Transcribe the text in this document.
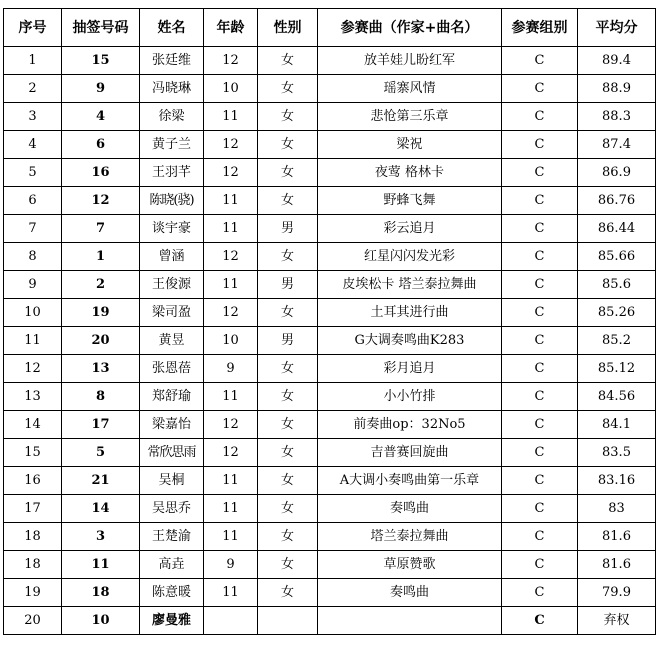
序号	抽签号码	姓名	年龄	性别	参赛曲（作家+曲名）	参赛组别	平均分
1	15	张廷维	12	女	放羊娃儿盼红军	C	89.4
2	9	冯晓琳	10	女	瑶寨风情	C	88.9
3	4	徐梁	11	女	悲怆第三乐章	C	88.3
4	6	黄子兰	12	女	梁祝	C	87.4
5	16	王羽芊	12	女	夜莺 格林卡	C	86.9
6	12	陈晓(骁)	11	女	野蜂飞舞	C	86.76
7	7	谈宇豪	11	男	彩云追月	C	86.44
8	1	曾涵	12	女	红星闪闪发光彩	C	85.66
9	2	王俊源	11	男	皮埃松卡 塔兰泰拉舞曲	C	85.6
10	19	梁司盈	12	女	土耳其进行曲	C	85.26
11	20	黄昱	10	男	G大调奏鸣曲K283	C	85.2
12	13	张恩蓓	9	女	彩月追月	C	85.12
13	8	郑舒瑜	11	女	小小竹排	C	84.56
14	17	梁嘉怡	12	女	前奏曲op：32No5	C	84.1
15	5	常欣思雨	12	女	吉普赛回旋曲	C	83.5
16	21	吴桐	11	女	A大调小奏鸣曲第一乐章	C	83.16
17	14	吴思乔	11	女	奏鸣曲	C	83
18	3	王楚渝	11	女	塔兰泰拉舞曲	C	81.6
18	11	高垚	9	女	草原赞歌	C	81.6
19	18	陈意暖	11	女	奏鸣曲	C	79.9
20	10	廖曼雅				C	弃权
